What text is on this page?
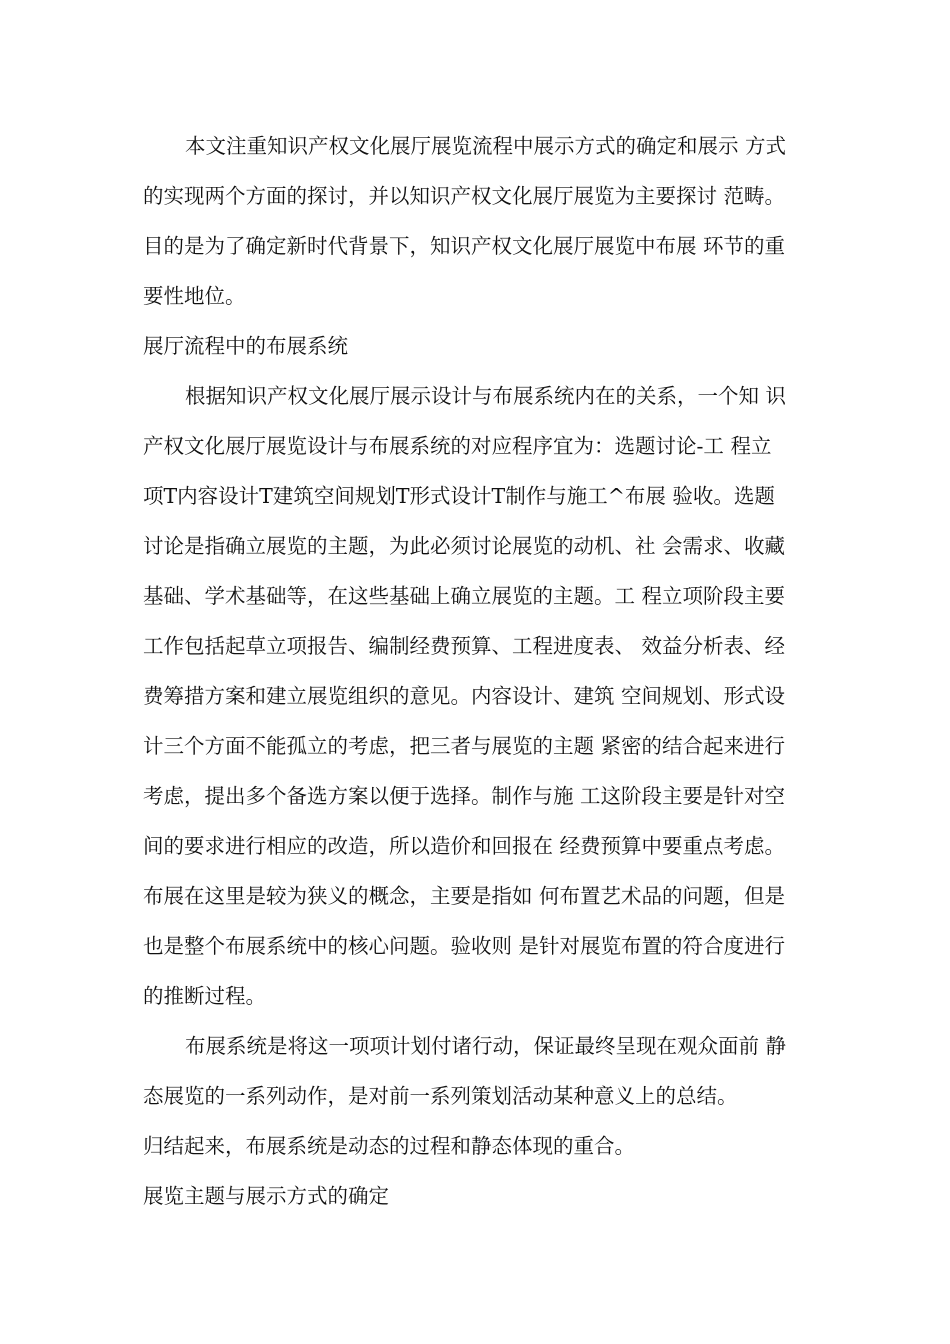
本文注重知识产权文化展厅展览流程中展示方式的确定和展示 方式
的实现两个方面的探讨，并以知识产权文化展厅展览为主要探讨 范畴。
目的是为了确定新时代背景下，知识产权文化展厅展览中布展 环节的重
要性地位。
展厅流程中的布展系统
根据知识产权文化展厅展示设计与布展系统内在的关系，一个知 识
产权文化展厅展览设计与布展系统的对应程序宜为：选题讨论-工 程立
项T内容设计T建筑空间规划T形式设计T制作与施工^布展 验收。选题
讨论是指确立展览的主题，为此必须讨论展览的动机、社 会需求、收藏
基础、学术基础等，在这些基础上确立展览的主题。工 程立项阶段主要
工作包括起草立项报告、编制经费预算、工程进度表、 效益分析表、经
费筹措方案和建立展览组织的意见。内容设计、建筑 空间规划、形式设
计三个方面不能孤立的考虑，把三者与展览的主题 紧密的结合起来进行
考虑，提出多个备选方案以便于选择。制作与施 工这阶段主要是针对空
间的要求进行相应的改造，所以造价和回报在 经费预算中要重点考虑。
布展在这里是较为狭义的概念，主要是指如 何布置艺术品的问题，但是
也是整个布展系统中的核心问题。验收则 是针对展览布置的符合度进行
的推断过程。
布展系统是将这一项项计划付诸行动，保证最终呈现在观众面前 静
态展览的一系列动作，是对前一系列策划活动某种意义上的总结。
归结起来，布展系统是动态的过程和静态体现的重合。
展览主题与展示方式的确定
